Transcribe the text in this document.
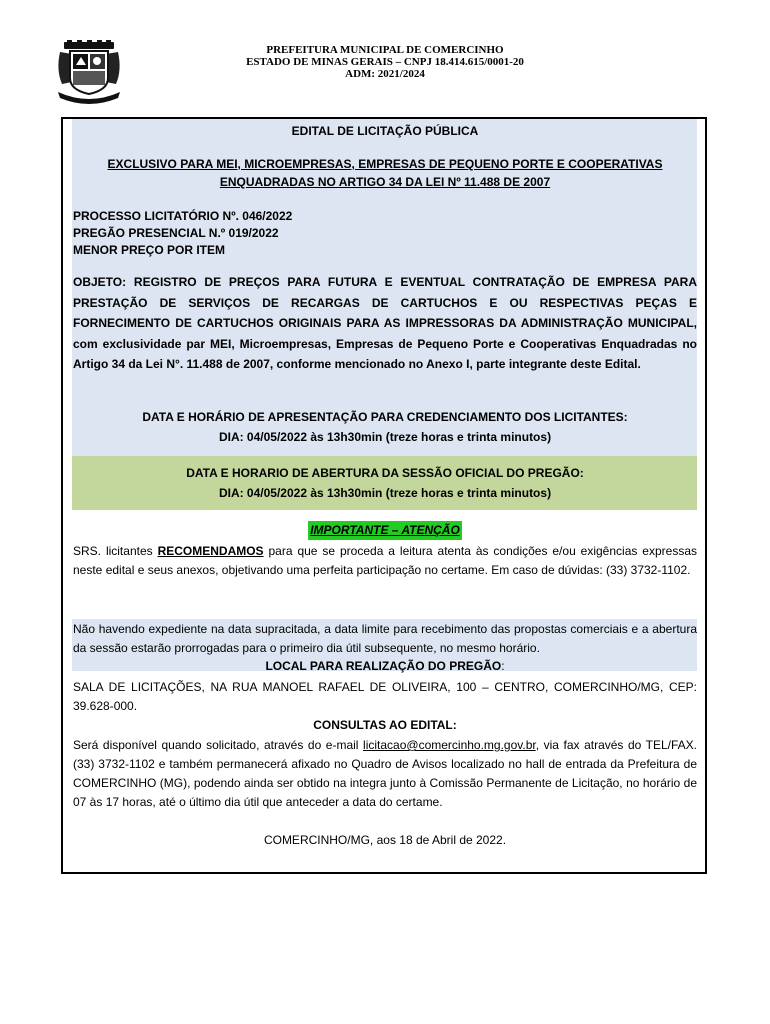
PREFEITURA MUNICIPAL DE COMERCINHO
ESTADO DE MINAS GERAIS – CNPJ 18.414.615/0001-20
ADM: 2021/2024
EDITAL DE LICITAÇÃO PÚBLICA
EXCLUSIVO PARA MEI, MICROEMPRESAS, EMPRESAS DE PEQUENO PORTE E COOPERATIVAS
ENQUADRADAS NO ARTIGO 34 DA LEI Nº 11.488 DE 2007
PROCESSO LICITATÓRIO Nº. 046/2022
PREGÃO PRESENCIAL N.º 019/2022
MENOR PREÇO POR ITEM
OBJETO: REGISTRO DE PREÇOS PARA FUTURA E EVENTUAL CONTRATAÇÃO DE EMPRESA PARA PRESTAÇÃO DE SERVIÇOS DE RECARGAS DE CARTUCHOS E OU RESPECTIVAS PEÇAS E FORNECIMENTO DE CARTUCHOS ORIGINAIS PARA AS IMPRESSORAS DA ADMINISTRAÇÃO MUNICIPAL, com exclusividade par MEI, Microempresas, Empresas de Pequeno Porte e Cooperativas Enquadradas no Artigo 34 da Lei N°. 11.488 de 2007, conforme mencionado no Anexo I, parte integrante deste Edital.
DATA E HORÁRIO DE APRESENTAÇÃO PARA CREDENCIAMENTO DOS LICITANTES:
DIA: 04/05/2022 às 13h30min (treze horas e trinta minutos)
DATA E HORARIO DE ABERTURA DA SESSÃO OFICIAL DO PREGÃO:
DIA: 04/05/2022 às 13h30min (treze horas e trinta minutos)
IMPORTANTE – ATENÇÃO
SRS. licitantes RECOMENDAMOS para que se proceda a leitura atenta às condições e/ou exigências expressas neste edital e seus anexos, objetivando uma perfeita participação no certame. Em caso de dúvidas: (33) 3732-1102.
Não havendo expediente na data supracitada, a data limite para recebimento das propostas comerciais e a abertura da sessão estarão prorrogadas para o primeiro dia útil subsequente, no mesmo horário.
LOCAL PARA REALIZAÇÃO DO PREGÃO:
SALA DE LICITAÇÕES, NA RUA MANOEL RAFAEL DE OLIVEIRA, 100 – CENTRO, COMERCINHO/MG, CEP: 39.628-000.
CONSULTAS AO EDITAL:
Será disponível quando solicitado, através do e-mail licitacao@comercinho.mg.gov.br, via fax através do TEL/FAX. (33) 3732-1102 e também permanecerá afixado no Quadro de Avisos localizado no hall de entrada da Prefeitura de COMERCINHO (MG), podendo ainda ser obtido na integra junto à Comissão Permanente de Licitação, no horário de 07 às 17 horas, até o último dia útil que anteceder a data do certame.
COMERCINHO/MG, aos 18 de Abril de 2022.
